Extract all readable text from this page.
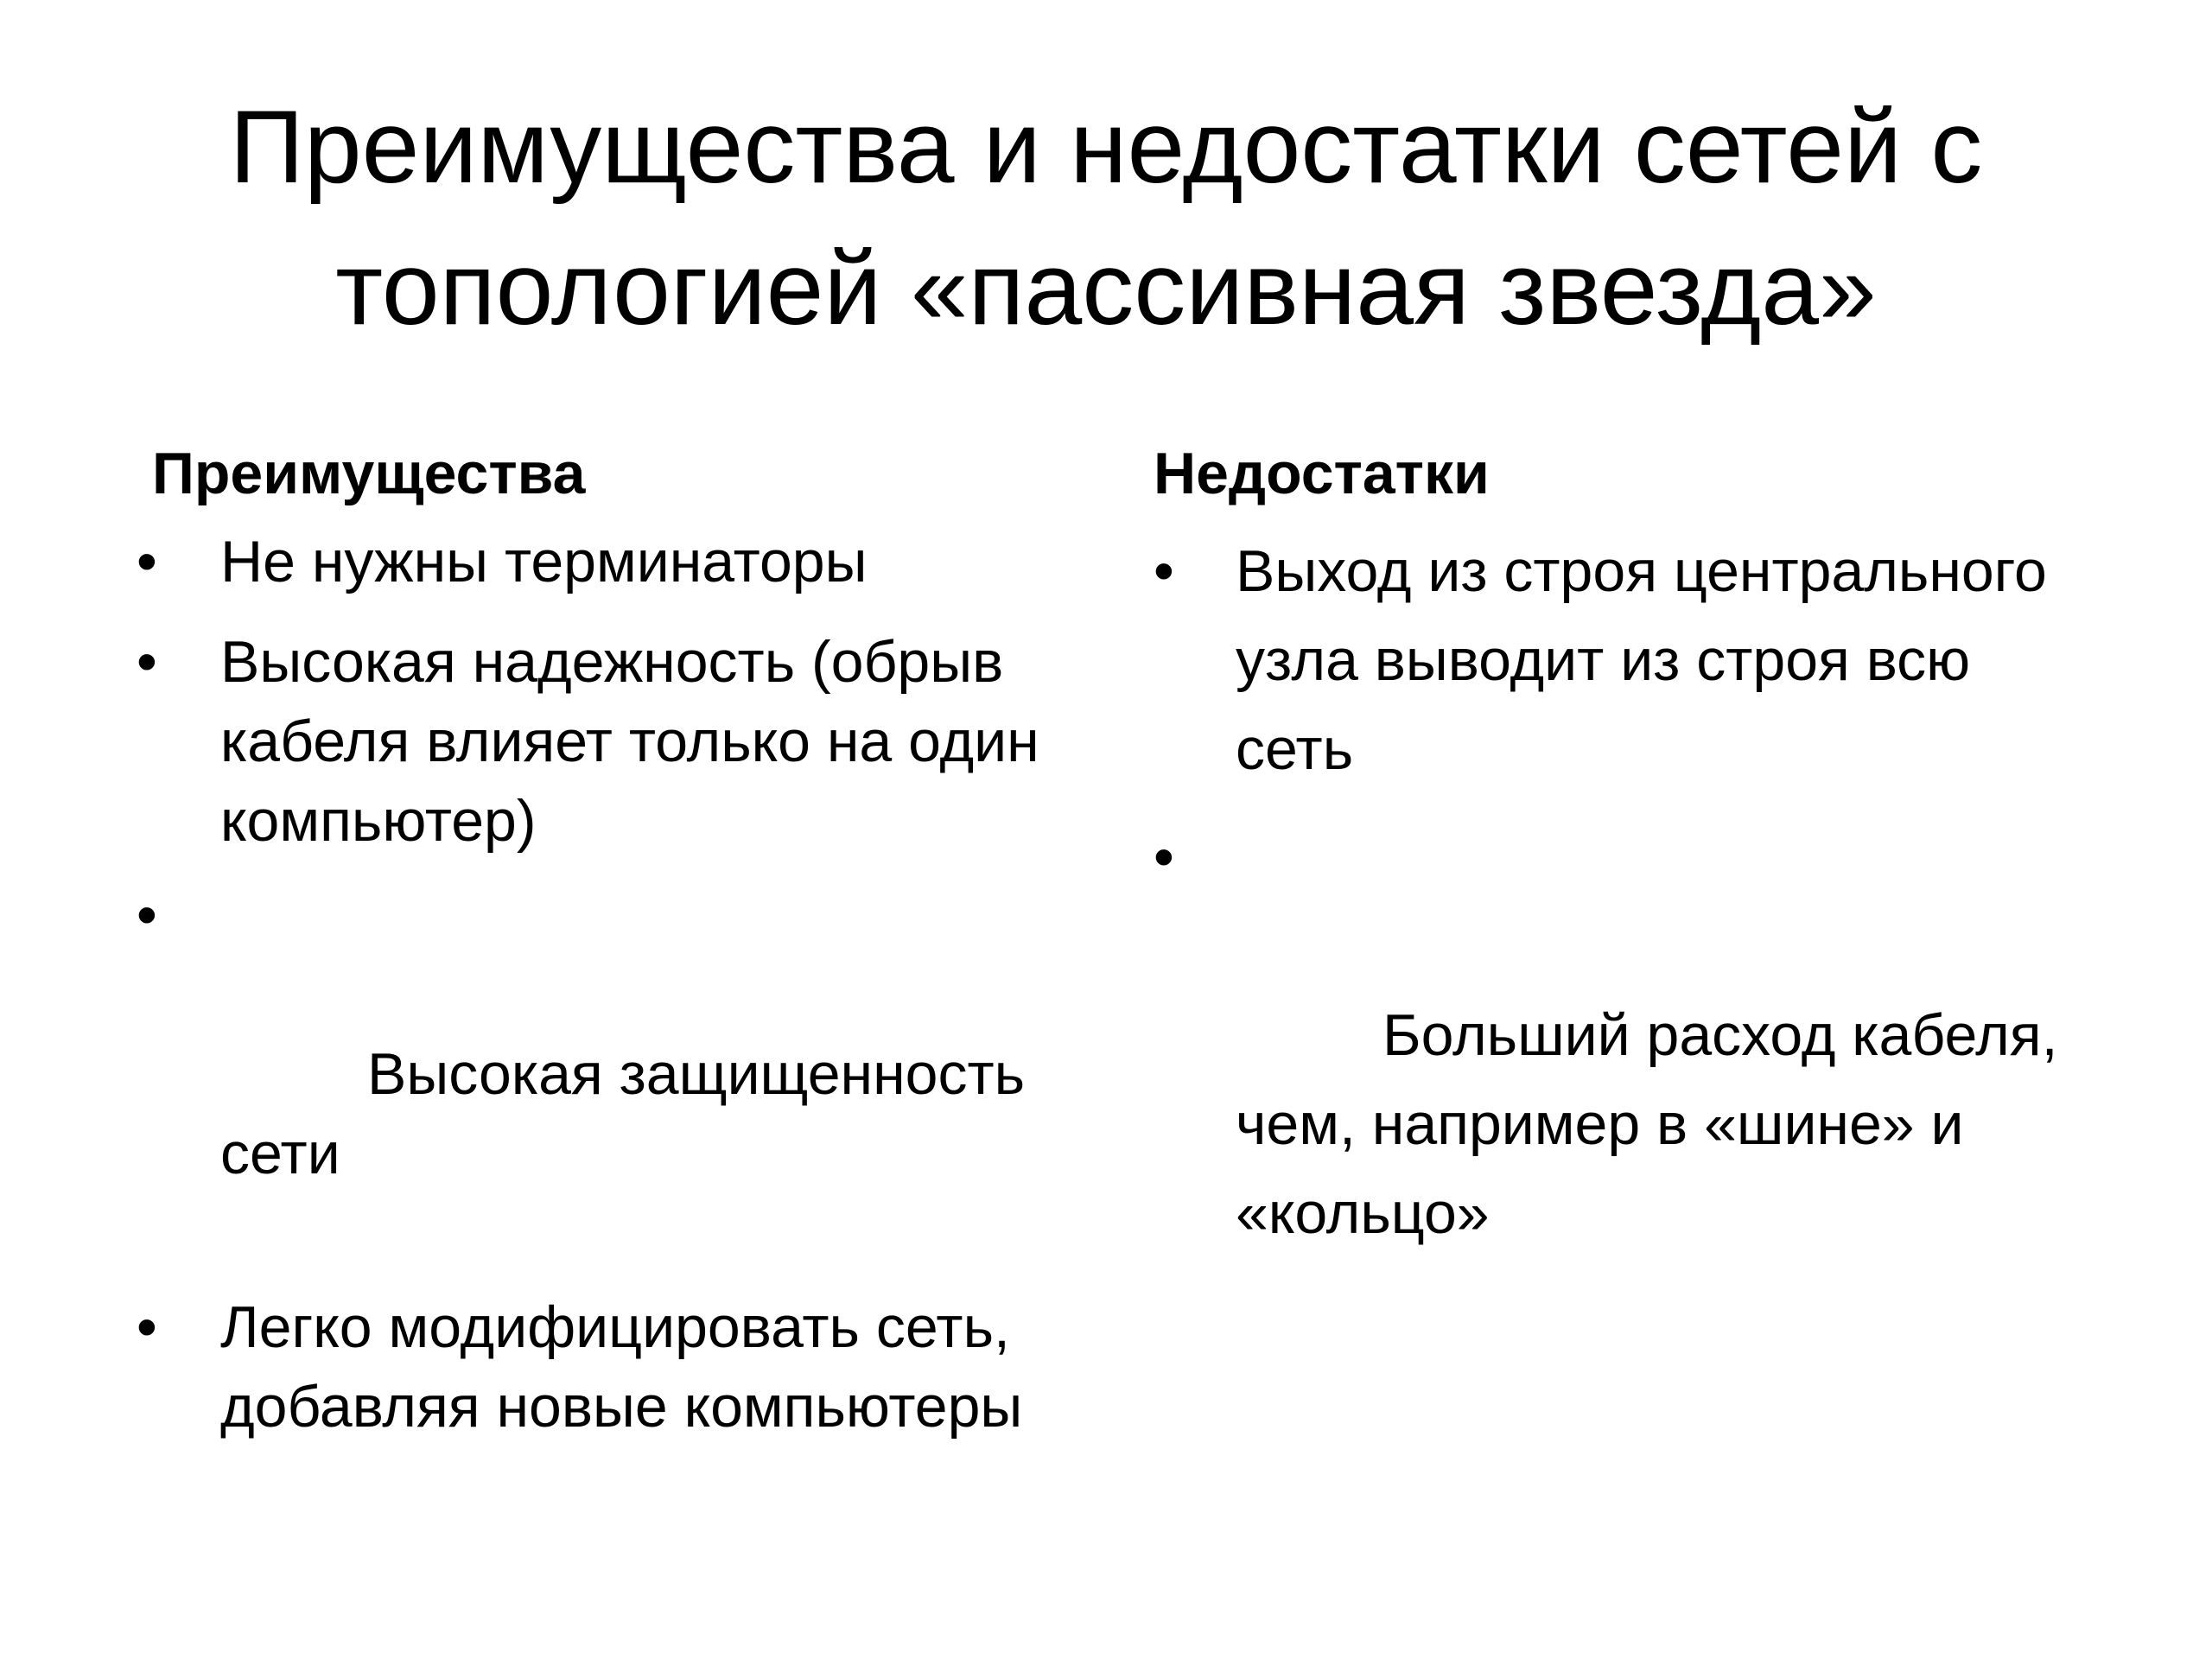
Преимущества и недостатки сетей с топологией «пассивная звезда»
Преимущества
• Не нужны терминаторы
• Высокая надежность (обрыв кабеля влияет только на один компьютер)

•

Высокая защищенность сети

• Легко модифицировать сеть, добавляя новые компьютеры
Недостатки
• Выход из строя центрального узла выводит из строя всю сеть

•

Больший расход кабеля, чем, например в «шине» и «кольцо»
